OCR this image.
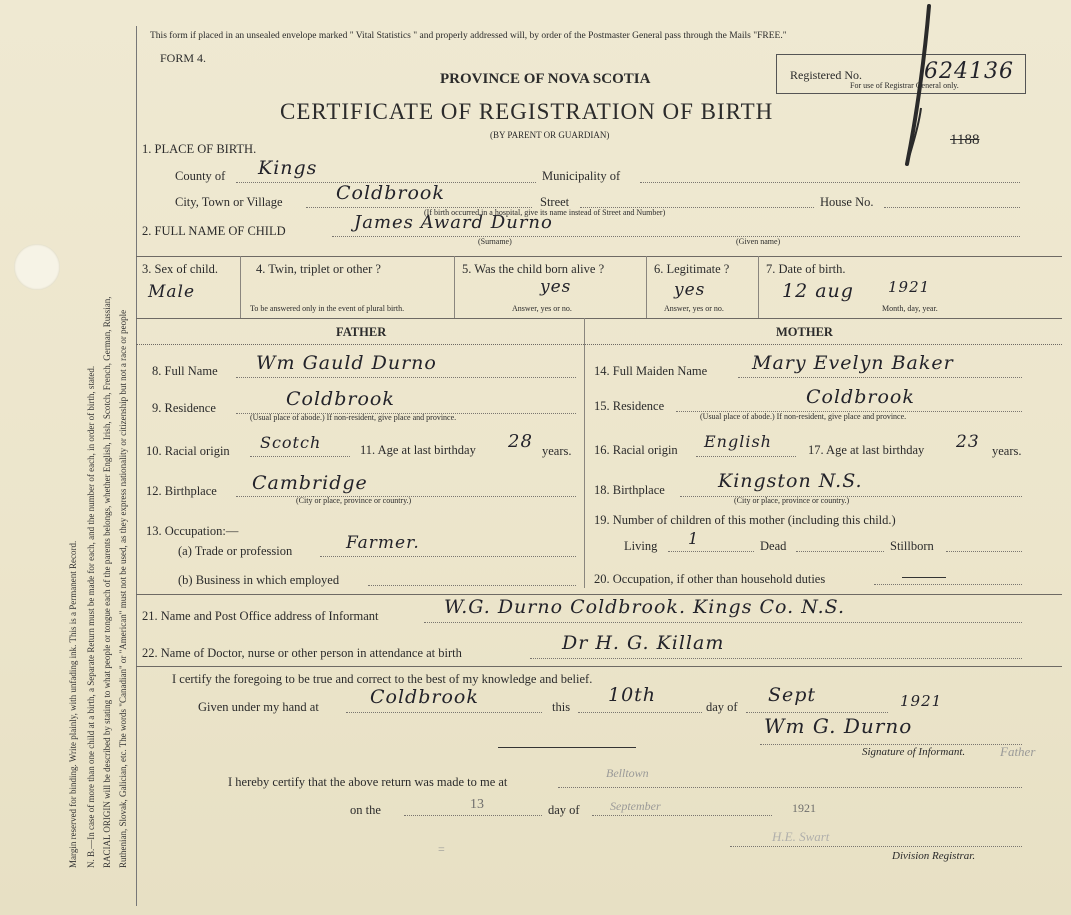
Margin reserved for binding. Write plainly, with unfading ink. This is a Permanent Record. N. B.—In case of more than one child at a birth, a Separate Return must be made for each, and the number of each, in order of birth, stated. RACIAL ORIGIN will be described by stating to what people or tongue each of the parents belongs, whether English, Irish, Scotch, French, German, Russian, Ruthenian, Slovak, Galician, etc. The words "Canadian" or "American" must not be used, as they express nationality or citizenship but not a race or people
This form if placed in an unsealed envelope marked " Vital Statistics " and properly addressed will, by order of the Postmaster General pass through the Mails "FREE."
FORM 4.
PROVINCE OF NOVA SCOTIA
CERTIFICATE OF REGISTRATION OF BIRTH
(BY PARENT OR GUARDIAN)
Registered No.	624136
For use of Registrar General only.
1188
1. PLACE OF BIRTH.
County of Kings	Municipality of
City, Town or Village	Coldbrook	Street	House No.
(If birth occurred in a hospital, give its name instead of Street and Number)
2. FULL NAME OF CHILD	James Award Durno
(Surname)	(Given name)
3. Sex of child.
Male
4. Twin, triplet or other ?
To be answered only in the event of plural birth.
5. Was the child born alive ?
yes
Answer, yes or no.
6. Legitimate ?
yes
Answer, yes or no.
7. Date of birth.
12 aug 1921
Month, day, year.
FATHER	MOTHER
8. Full Name Wm Gauld Durno
9. Residence	Coldbrook
(Usual place of abode.) If non-resident, give place and province.
10. Racial origin Scotch	11. Age at last birthday 28 years.
12. Birthplace Cambridge
(City or place, province or country.)
13. Occupation:—
(a) Trade or profession	Farmer.
(b) Business in which employed
14. Full Maiden Name Mary Evelyn Baker
15. Residence	Coldbrook
(Usual place of abode.) If non-resident, give place and province.
16. Racial origin English	17. Age at last birthday 23 years.
18. Birthplace	Kingston N.S.
(City or place, province or country.)
19. Number of children of this mother (including this child.)
Living 1	Dead	Stillborn
20. Occupation, if other than household duties
21. Name and Post Office address of Informant	W.G. Durno Coldbrook. Kings Co. N.S.
22. Name of Doctor, nurse or other person in attendance at birth	Dr H. G. Killam
I certify the foregoing to be true and correct to the best of my knowledge and belief.
Given under my hand at	Coldbrook	this
10th
day of
Sept	1921
Wm G. Durno
Signature of Informant.	Father
I hereby certify that the above return was made to me at
Belltown
on the	13	day of	September	1921
H.E. Swart
Division Registrar.
=
